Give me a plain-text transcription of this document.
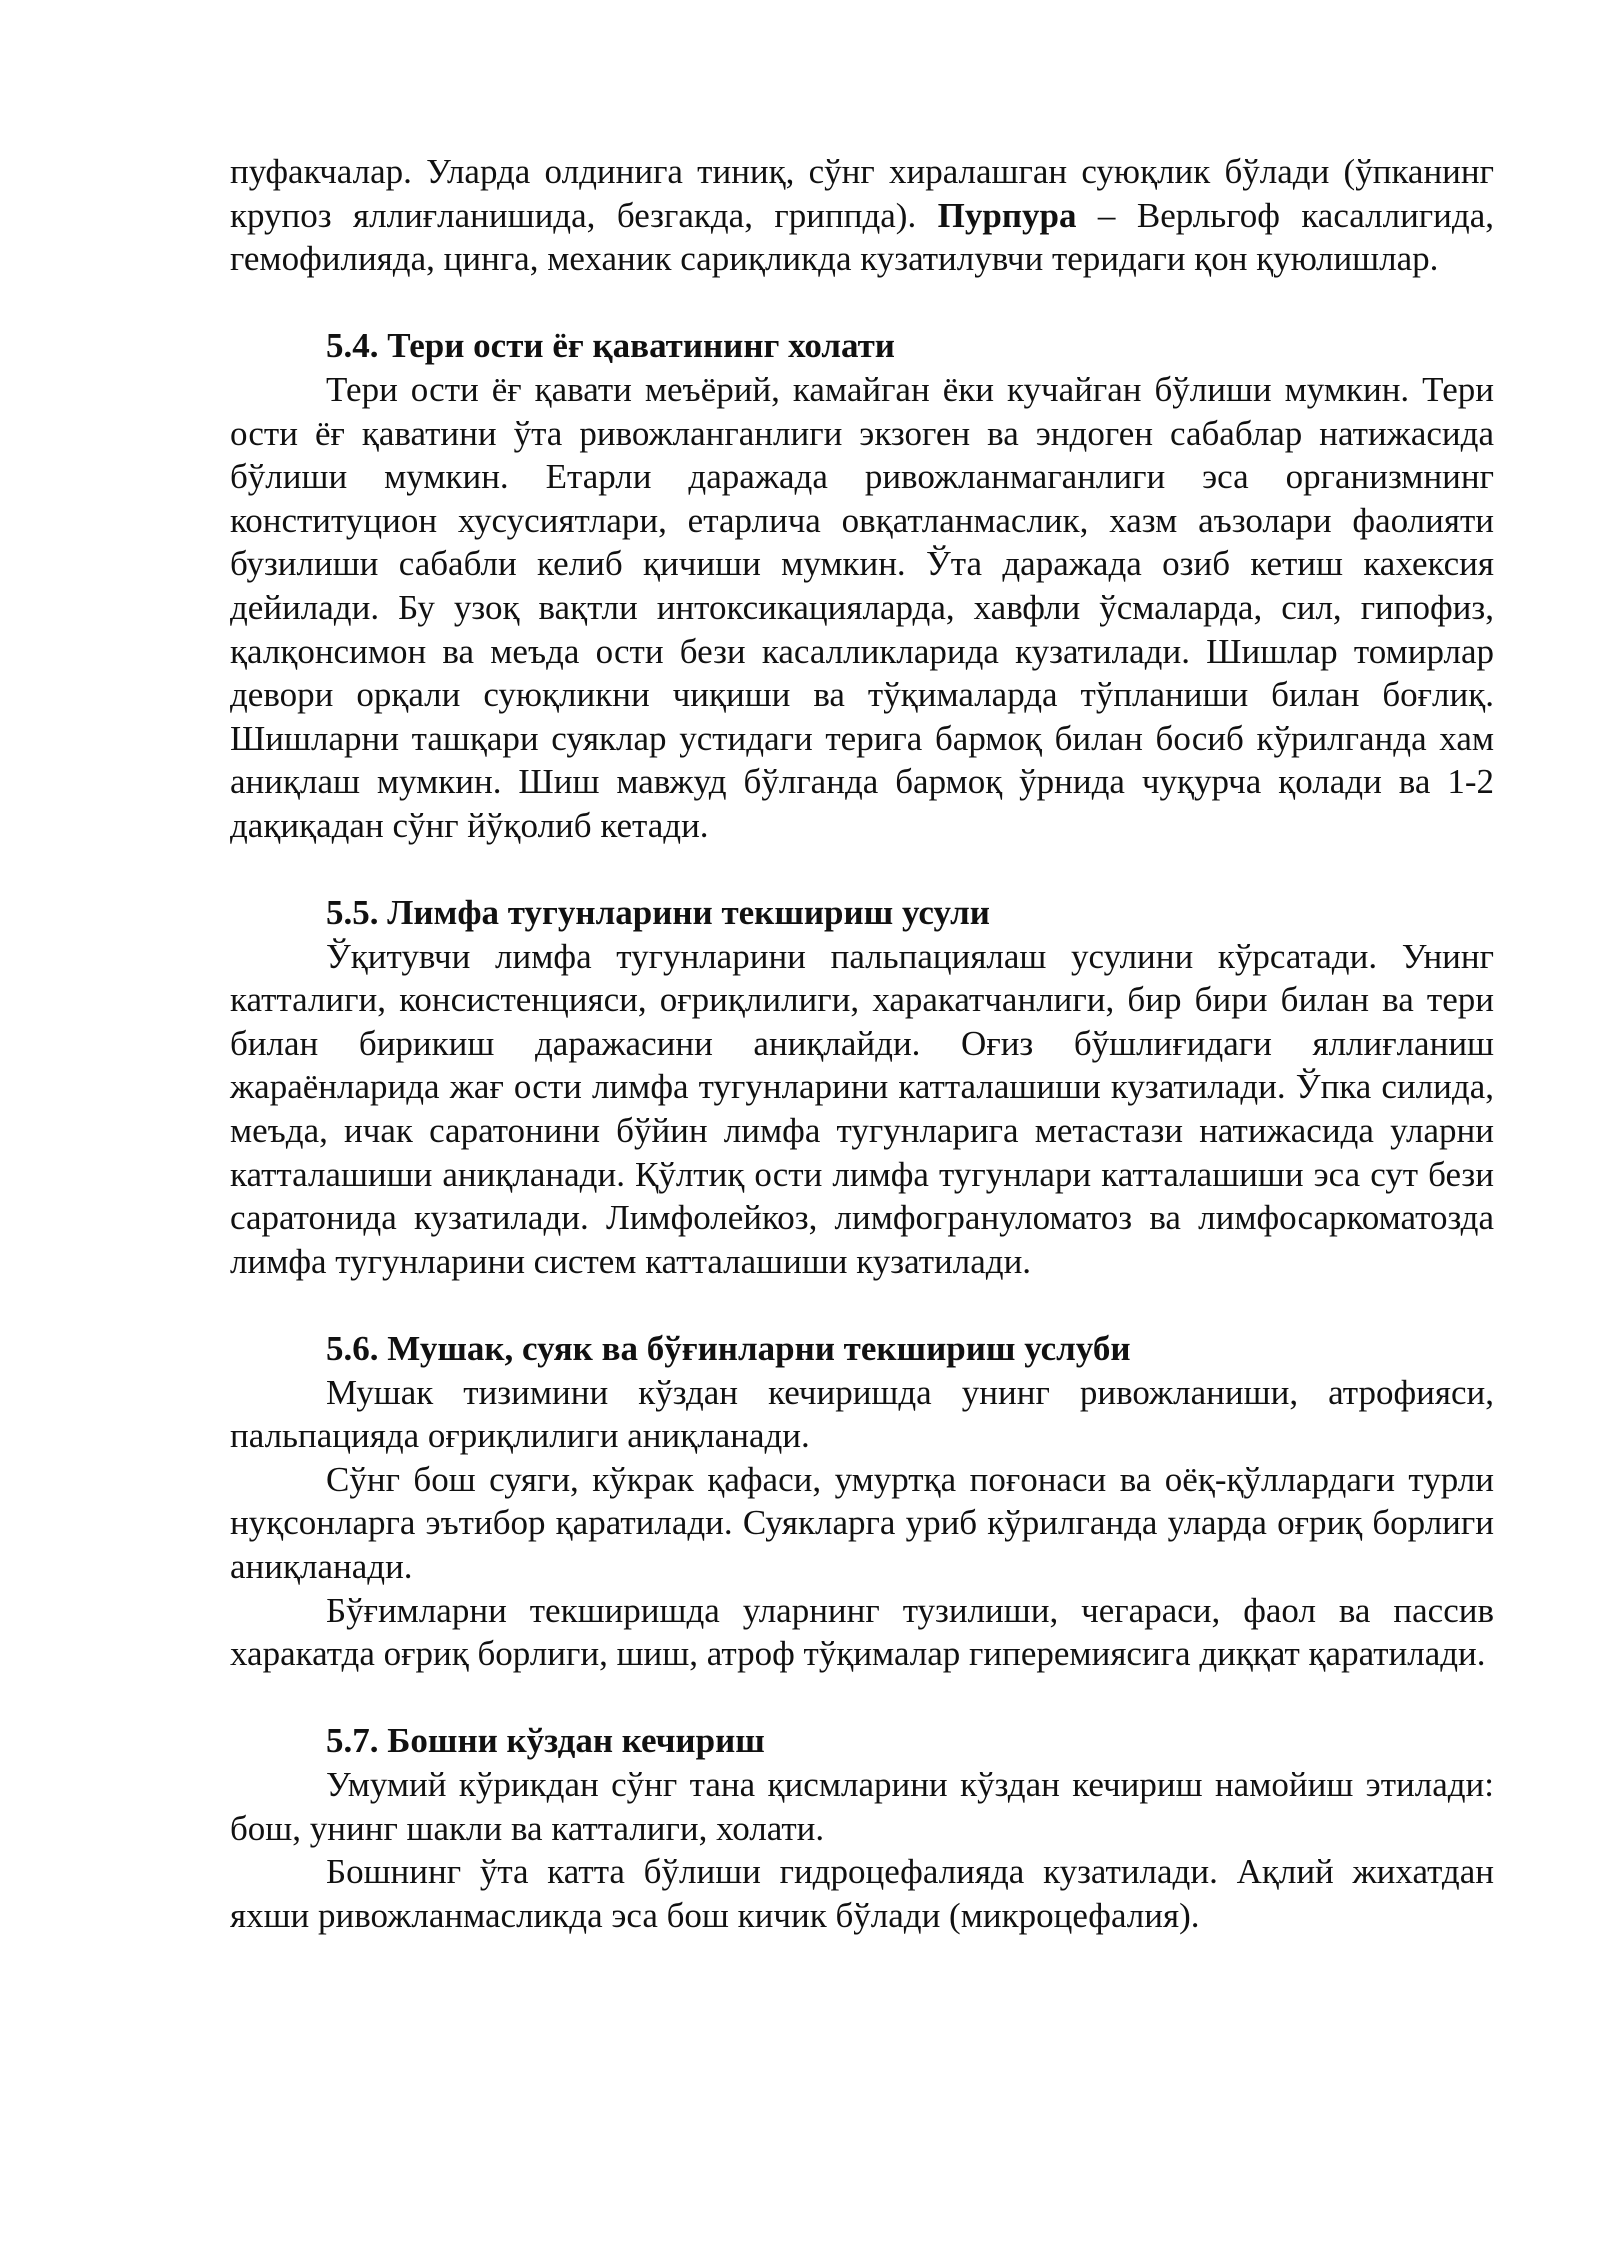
пуфакчалар. Уларда олдинига тиниқ, сўнг хиралашган суюқлик бўлади (ўпканинг крупоз яллиғланишида, безгакда, гриппда). Пурпура – Верльгоф касаллигида, гемофилияда, цинга, механик сариқликда кузатилувчи теридаги қон қуюлишлар.

5.4. Тери ости ёғ қаватининг холати

Тери ости ёғ қавати меъёрий, камайган ёки кучайган бўлиши мумкин. Тери ости ёғ қаватини ўта ривожланганлиги экзоген ва эндоген сабаблар натижасида бўлиши мумкин. Етарли даражада ривожланмаганлиги эса организмнинг конституцион хусусиятлари, етарлича овқатланмаслик, хазм аъзолари фаолияти бузилиши сабабли келиб қичиши мумкин. Ўта даражада озиб кетиш кахексия дейилади. Бу узоқ вақтли интоксикацияларда, хавфли ўсмаларда, сил, гипофиз, қалқонсимон ва меъда ости бези касалликларида кузатилади. Шишлар томирлар девори орқали суюқликни чиқиши ва тўқималарда тўпланиши билан боғлиқ. Шишларни ташқари суяклар устидаги терига бармоқ билан босиб кўрилганда хам аниқлаш мумкин. Шиш мавжуд бўлганда бармоқ ўрнида чуқурча қолади ва 1-2 дақиқадан сўнг йўқолиб кетади.

5.5. Лимфа тугунларини текшириш усули

Ўқитувчи лимфа тугунларини пальпациялаш усулини кўрсатади. Унинг катталиги, консистенцияси, оғриқлилиги, харакатчанлиги, бир бири билан ва тери билан бирикиш даражасини аниқлайди. Оғиз бўшлиғидаги яллиғланиш жараёнларида жағ ости лимфа тугунларини катталашиши кузатилади. Ўпка силида, меъда, ичак саратонини бўйин лимфа тугунларига метастази натижасида уларни катталашиши аниқланади. Қўлтиқ ости лимфа тугунлари катталашиши эса сут бези саратонида кузатилади. Лимфолейкоз, лимфогрануломатоз ва лимфосаркоматозда лимфа тугунларини систем катталашиши кузатилади.

5.6. Мушак, суяк ва бўғинларни текшириш услуби

Мушак тизимини кўздан кечиришда унинг ривожланиши, атрофияси, пальпацияда оғриқлилиги аниқланади.

Сўнг бош суяги, кўкрак қафаси, умуртқа поғонаси ва оёқ-қўллардаги турли нуқсонларга эътибор қаратилади. Суякларга уриб кўрилганда уларда оғриқ борлиги аниқланади.

Бўғимларни текширишда уларнинг тузилиши, чегараси, фаол ва пассив харакатда оғриқ борлиги, шиш, атроф тўқималар гиперемиясига диққат қаратилади.

5.7. Бошни кўздан кечириш

Умумий кўрикдан сўнг тана қисмларини кўздан кечириш намойиш этилади: бош, унинг шакли ва катталиги, холати.

Бошнинг ўта катта бўлиши гидроцефалияда кузатилади. Ақлий жихатдан яхши ривожланмасликда эса бош кичик бўлади (микроцефалия).
